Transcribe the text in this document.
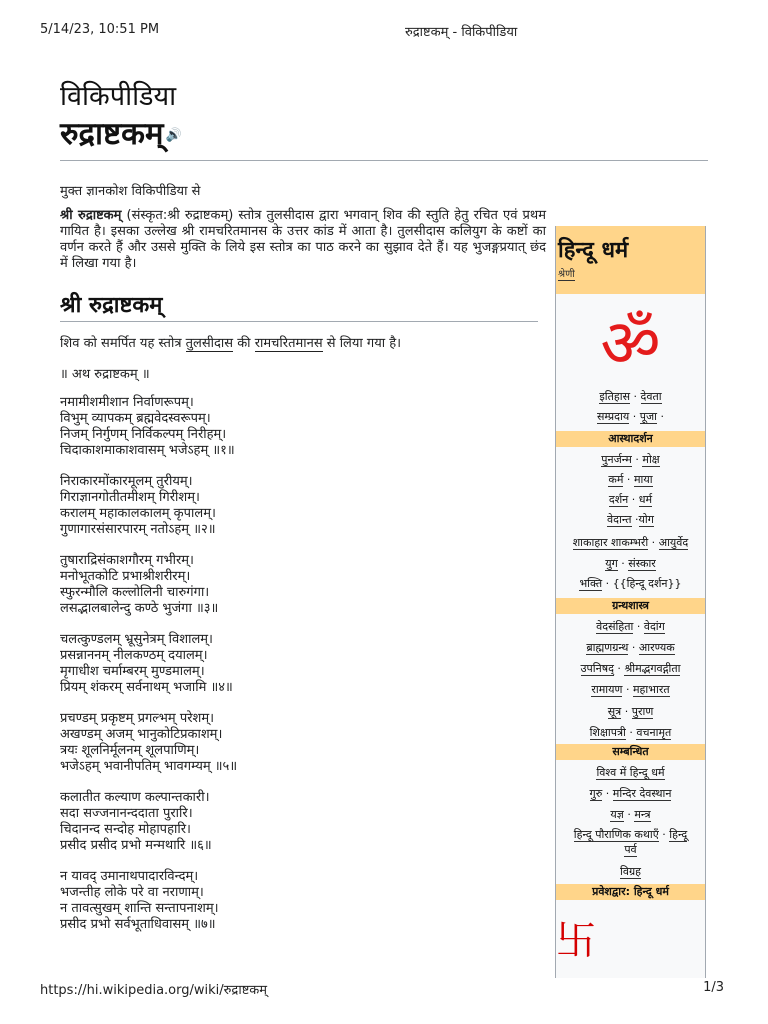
5/14/23, 10:51 PM	रुद्राष्टकम् - विकिपीडिया
विकिपीडिया
रुद्राष्टकम् 🔊
मुक्त ज्ञानकोश विकिपीडिया से
श्री रुद्राष्टकम् (संस्कृत:श्री रुद्राष्टकम्) स्तोत्र तुलसीदास द्वारा भगवान् शिव की स्तुति हेतु रचित एवं प्रथम गायित है। इसका उल्लेख श्री रामचरितमानस के उत्तर कांड में आता है। तुलसीदास कलियुग के कष्टों का वर्णन करते हैं और उससे मुक्ति के लिये इस स्तोत्र का पाठ करने का सुझाव देते हैं। यह भुजङ्गप्रयात् छंद में लिखा गया है।
श्री रुद्राष्टकम्
शिव को समर्पित यह स्तोत्र तुलसीदास की रामचरितमानस से लिया गया है।
॥ अथ रुद्राष्टकम् ॥
नमामीशमीशान निर्वाणरूपम्।
विभुम् व्यापकम् ब्रह्मवेदस्वरूपम्।
निजम् निर्गुणम् निर्विकल्पम् निरीहम्।
चिदाकाशमाकाशवासम् भजेऽहम् ॥१॥
निराकारमोंकारमूलम् तुरीयम्।
गिराज्ञानगोतीतमीशम् गिरीशम्।
करालम् महाकालकालम् कृपालम्।
गुणागारसंसारपारम् नतोऽहम् ॥२॥
तुषाराद्रिसंकाशगौरम् गभीरम्।
मनोभूतकोटि प्रभाश्रीशरीरम्।
स्फुरन्मौलि कल्लोलिनी चारुगंगा।
लसद्भालबालेन्दु कण्ठे भुजंगा ॥३॥
चलत्कुण्डलम् भ्रूसुनेत्रम् विशालम्।
प्रसन्नाननम् नीलकण्ठम् दयालम्।
मृगाधीश चर्माम्बरम् मुण्डमालम्।
प्रियम् शंकरम् सर्वनाथम् भजामि ॥४॥
प्रचण्डम् प्रकृष्टम् प्रगल्भम् परेशम्।
अखण्डम् अजम् भानुकोटिप्रकाशम्।
त्रयः शूलनिर्मूलनम् शूलपाणिम्।
भजेऽहम् भवानीपतिम् भावगम्यम् ॥५॥
कलातीत कल्याण कल्पान्तकारी।
सदा सज्जनानन्ददाता पुरारि।
चिदानन्द सन्दोह मोहापहारि।
प्रसीद प्रसीद प्रभो मन्मथारि ॥६॥
न यावद् उमानाथपादारविन्दम्।
भजन्तीह लोके परे वा नराणाम्।
न तावत्सुखम् शान्ति सन्तापनाशम्।
प्रसीद प्रभो सर्वभूताधिवासम् ॥७॥
हिन्दू धर्म
श्रेणी
ॐ
इतिहास · देवता
सम्प्रदाय · पूजा ·
आस्थादर्शन
पुनर्जन्म · मोक्ष
कर्म · माया
दर्शन · धर्म
वेदान्त ·योग
शाकाहार शाकम्भरी · आयुर्वेद
युग · संस्कार
भक्ति · {{हिन्दू दर्शन}}
ग्रन्थशास्त्र
वेदसंहिता · वेदांग
ब्राह्मणग्रन्थ · आरण्यक
उपनिषद् · श्रीमद्भगवद्गीता
रामायण · महाभारत
सूत्र · पुराण
शिक्षापत्री · वचनामृत
सम्बन्धित
विश्व में हिन्दू धर्म
गुरु · मन्दिर देवस्थान
यज्ञ · मन्त्र
हिन्दू पौराणिक कथाएँ · हिन्दू
पर्व
विग्रह
प्रवेशद्वार: हिन्दू धर्म
卐
https://hi.wikipedia.org/wiki/रुद्राष्टकम्	1/3
